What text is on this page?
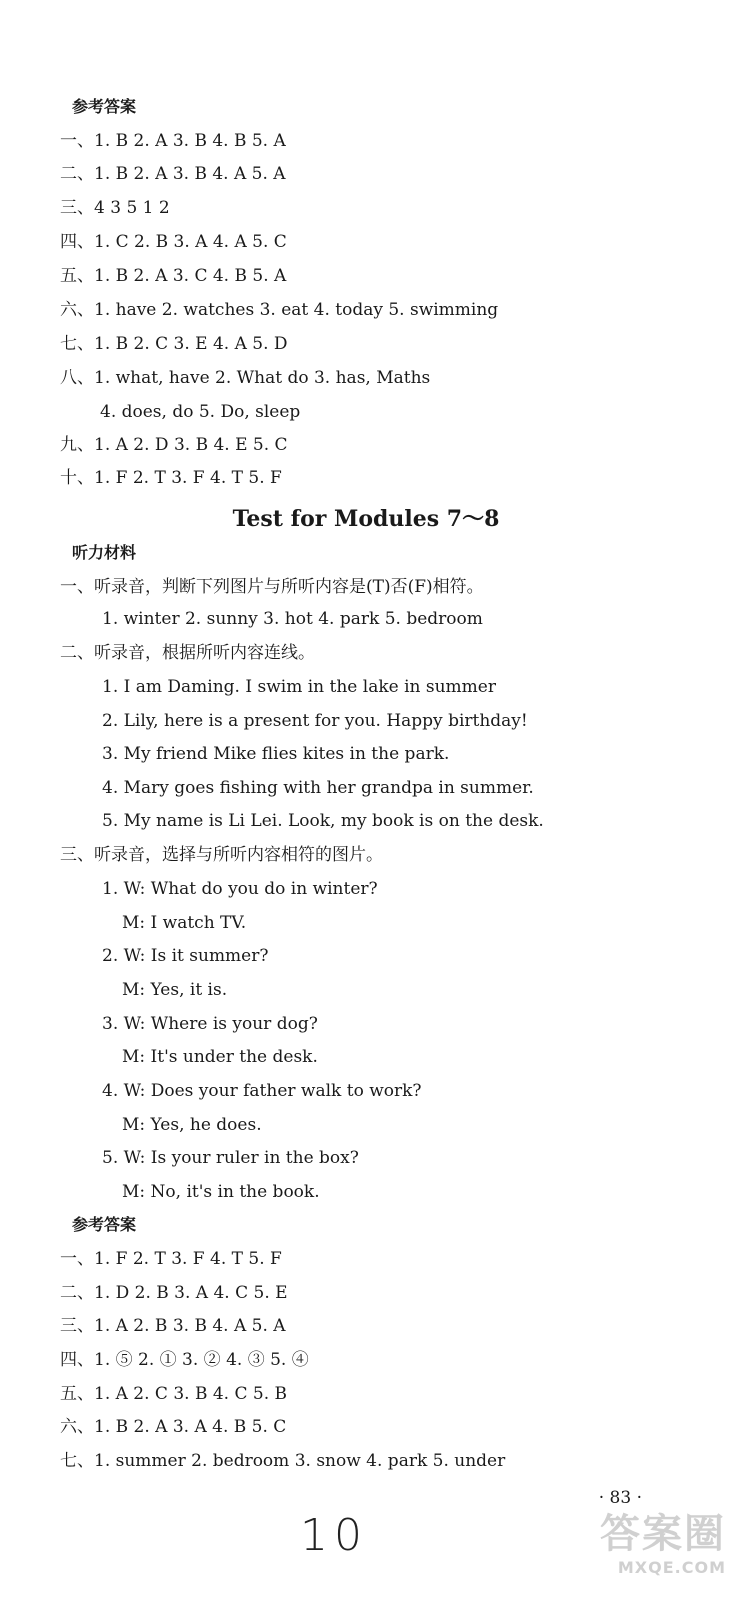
参考答案
一、1. B 2. A 3. B 4. B 5. A
二、1. B 2. A 3. B 4. A 5. A
三、4 3 5 1 2
四、1. C 2. B 3. A 4. A 5. C
五、1. B 2. A 3. C 4. B 5. A
六、1. have 2. watches 3. eat 4. today 5. swimming
七、1. B 2. C 3. E 4. A 5. D
八、1. what, have 2. What do 3. has, Maths
4. does, do 5. Do, sleep
九、1. A 2. D 3. B 4. E 5. C
十、1. F 2. T 3. F 4. T 5. F
Test for Modules 7～8
听力材料
一、听录音，判断下列图片与所听内容是(T)否(F)相符。
1. winter 2. sunny 3. hot 4. park 5. bedroom
二、听录音，根据所听内容连线。
1. I am Daming. I swim in the lake in summer
2. Lily, here is a present for you. Happy birthday!
3. My friend Mike flies kites in the park.
4. Mary goes fishing with her grandpa in summer.
5. My name is Li Lei. Look, my book is on the desk.
三、听录音，选择与所听内容相符的图片。
1. W: What do you do in winter?
M: I watch TV.
2. W: Is it summer?
M: Yes, it is.
3. W: Where is your dog?
M: It's under the desk.
4. W: Does your father walk to work?
M: Yes, he does.
5. W: Is your ruler in the box?
M: No, it's in the book.
参考答案
一、1. F 2. T 3. F 4. T 5. F
二、1. D 2. B 3. A 4. C 5. E
三、1. A 2. B 3. B 4. A 5. A
四、1. ⑤ 2. ① 3. ② 4. ③ 5. ④
五、1. A 2. C 3. B 4. C 5. B
六、1. B 2. A 3. A 4. B 5. C
七、1. summer 2. bedroom 3. snow 4. park 5. under
· 83 ·
10	答案圈
MXQE.COM
